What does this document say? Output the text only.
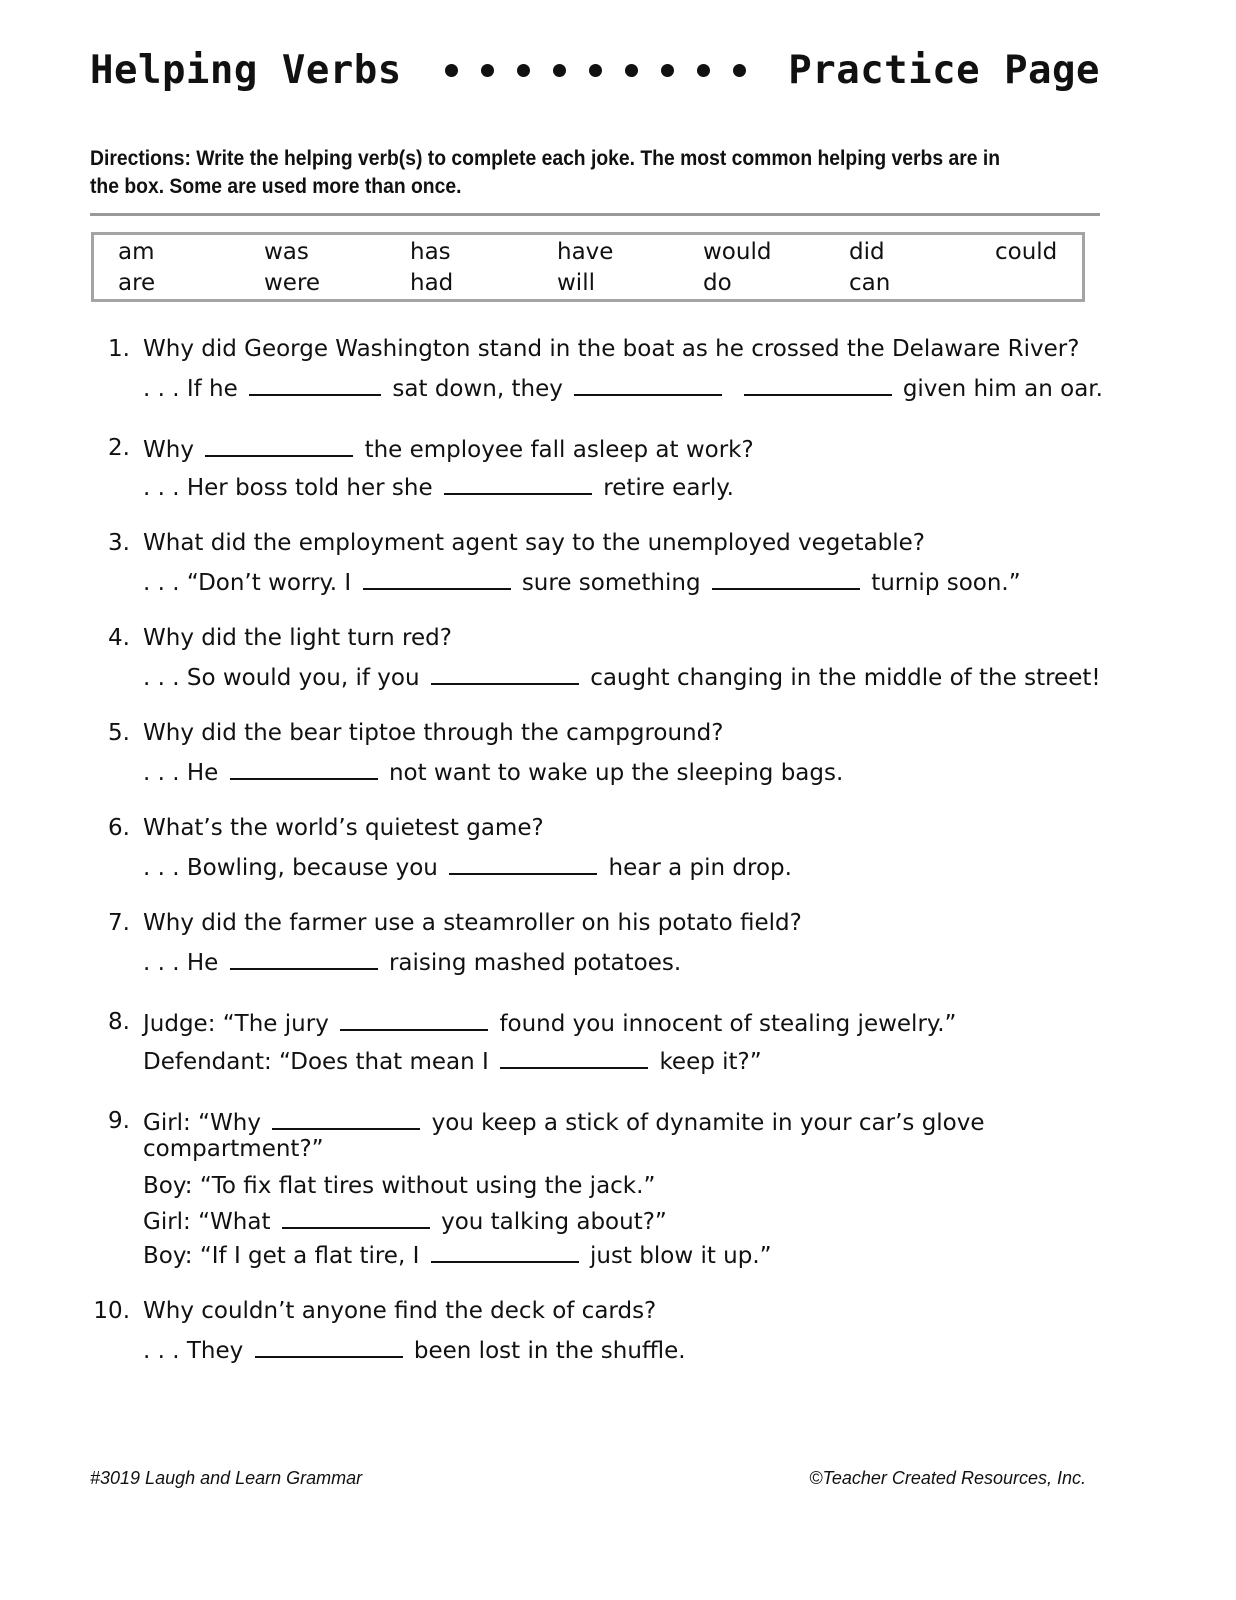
Helping Verbs	Practice Page
Directions: Write the helping verb(s) to complete each joke. The most common helping verbs are in the box. Some are used more than once.
am	was	has	have	would	did	could
are	were	had	will	do	can
1. Why did George Washington stand in the boat as he crossed the Delaware River?
. . . If he	sat down, they	given him an oar.
2. Why	the employee fall asleep at work?
. . . Her boss told her she	retire early.
3. What did the employment agent say to the unemployed vegetable?
. . . “Don’t worry. I	sure something	turnip soon.”
4. Why did the light turn red?
. . . So would you, if you	caught changing in the middle of the street!
5. Why did the bear tiptoe through the campground?
. . . He	not want to wake up the sleeping bags.
6. What’s the world’s quietest game?
. . . Bowling, because you	hear a pin drop.
7. Why did the farmer use a steamroller on his potato field?
. . . He	raising mashed potatoes.
8. Judge: “The jury	found you innocent of stealing jewelry.”
Defendant: “Does that mean I	keep it?”
9. Girl: “Why	you keep a stick of dynamite in your car’s glove
compartment?”
Boy: “To fix flat tires without using the jack.”
Girl: “What	you talking about?”
Boy: “If I get a flat tire, I	just blow it up.”
10. Why couldn’t anyone find the deck of cards?
. . . They	been lost in the shuffle.
#3019 Laugh and Learn Grammar	©Teacher Created Resources, Inc.
